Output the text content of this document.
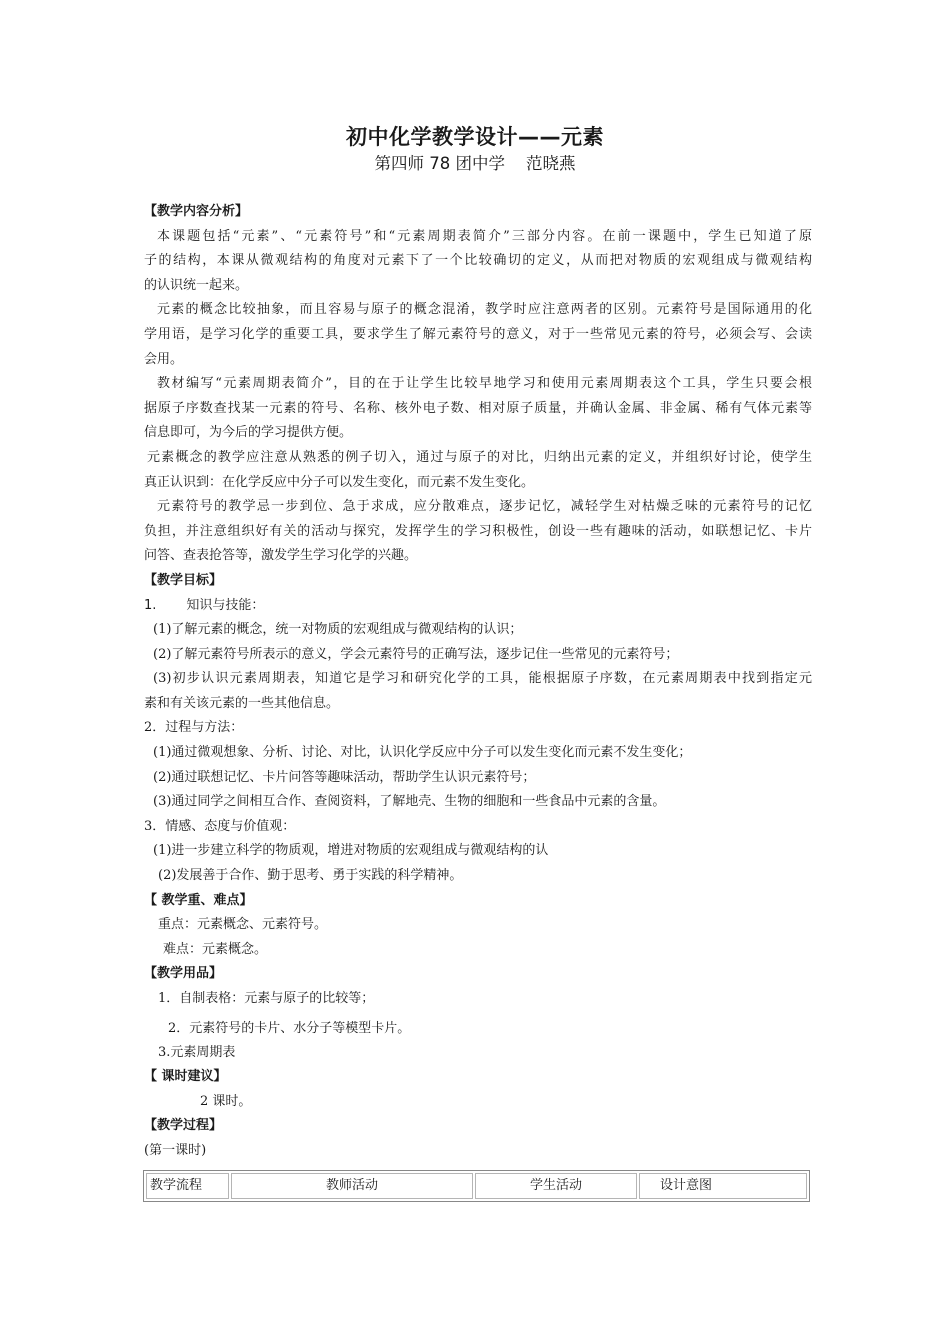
初中化学教学设计——元素
第四师 78 团中学    范晓燕
【教学内容分析】
本课题包括“元素”、“元素符号”和“元素周期表简介”三部分内容。在前一课题中，学生已知道了原
子的结构，本课从微观结构的角度对元素下了一个比较确切的定义，从而把对物质的宏观组成与微观结构
的认识统一起来。
元素的概念比较抽象，而且容易与原子的概念混淆，教学时应注意两者的区别。元素符号是国际通用的化
学用语，是学习化学的重要工具，要求学生了解元素符号的意义，对于一些常见元素的符号，必须会写、会读
会用。
教材编写“元素周期表简介”，目的在于让学生比较早地学习和使用元素周期表这个工具，学生只要会根
据原子序数查找某一元素的符号、名称、核外电子数、相对原子质量，并确认金属、非金属、稀有气体元素等
信息即可，为今后的学习提供方便。
元素概念的教学应注意从熟悉的例子切入，通过与原子的对比，归纳出元素的定义，并组织好讨论，使学生
真正认识到：在化学反应中分子可以发生变化，而元素不发生变化。
元素符号的教学忌一步到位、急于求成，应分散难点，逐步记忆，减轻学生对枯燥乏味的元素符号的记忆
负担，并注意组织好有关的活动与探究，发挥学生的学习积极性，创设一些有趣味的活动，如联想记忆、卡片
问答、查表抢答等，激发学生学习化学的兴趣。
【教学目标】
1. 知识与技能：
(1)了解元素的概念，统一对物质的宏观组成与微观结构的认识；
(2)了解元素符号所表示的意义，学会元素符号的正确写法，逐步记住一些常见的元素符号；
(3)初步认识元素周期表，知道它是学习和研究化学的工具，能根据原子序数，在元素周期表中找到指定元
素和有关该元素的一些其他信息。
2．过程与方法：
(1)通过微观想象、分析、讨论、对比，认识化学反应中分子可以发生变化而元素不发生变化；
(2)通过联想记忆、卡片问答等趣味活动，帮助学生认识元素符号；
(3)通过同学之间相互合作、查阅资料，了解地壳、生物的细胞和一些食品中元素的含量。
3．情感、态度与价值观：
(1)进一步建立科学的物质观，增进对物质的宏观组成与微观结构的认
(2)发展善于合作、勤于思考、勇于实践的科学精神。
【 教学重、难点】
重点：元素概念、元素符号。
难点：元素概念。
【教学用品】
1．自制表格：元素与原子的比较等；
2．元素符号的卡片、水分子等模型卡片。
3.元素周期表
【 课时建议】
2 课时。
【教学过程】
(第一课时)
教学流程	教师活动	学生活动	设计意图
